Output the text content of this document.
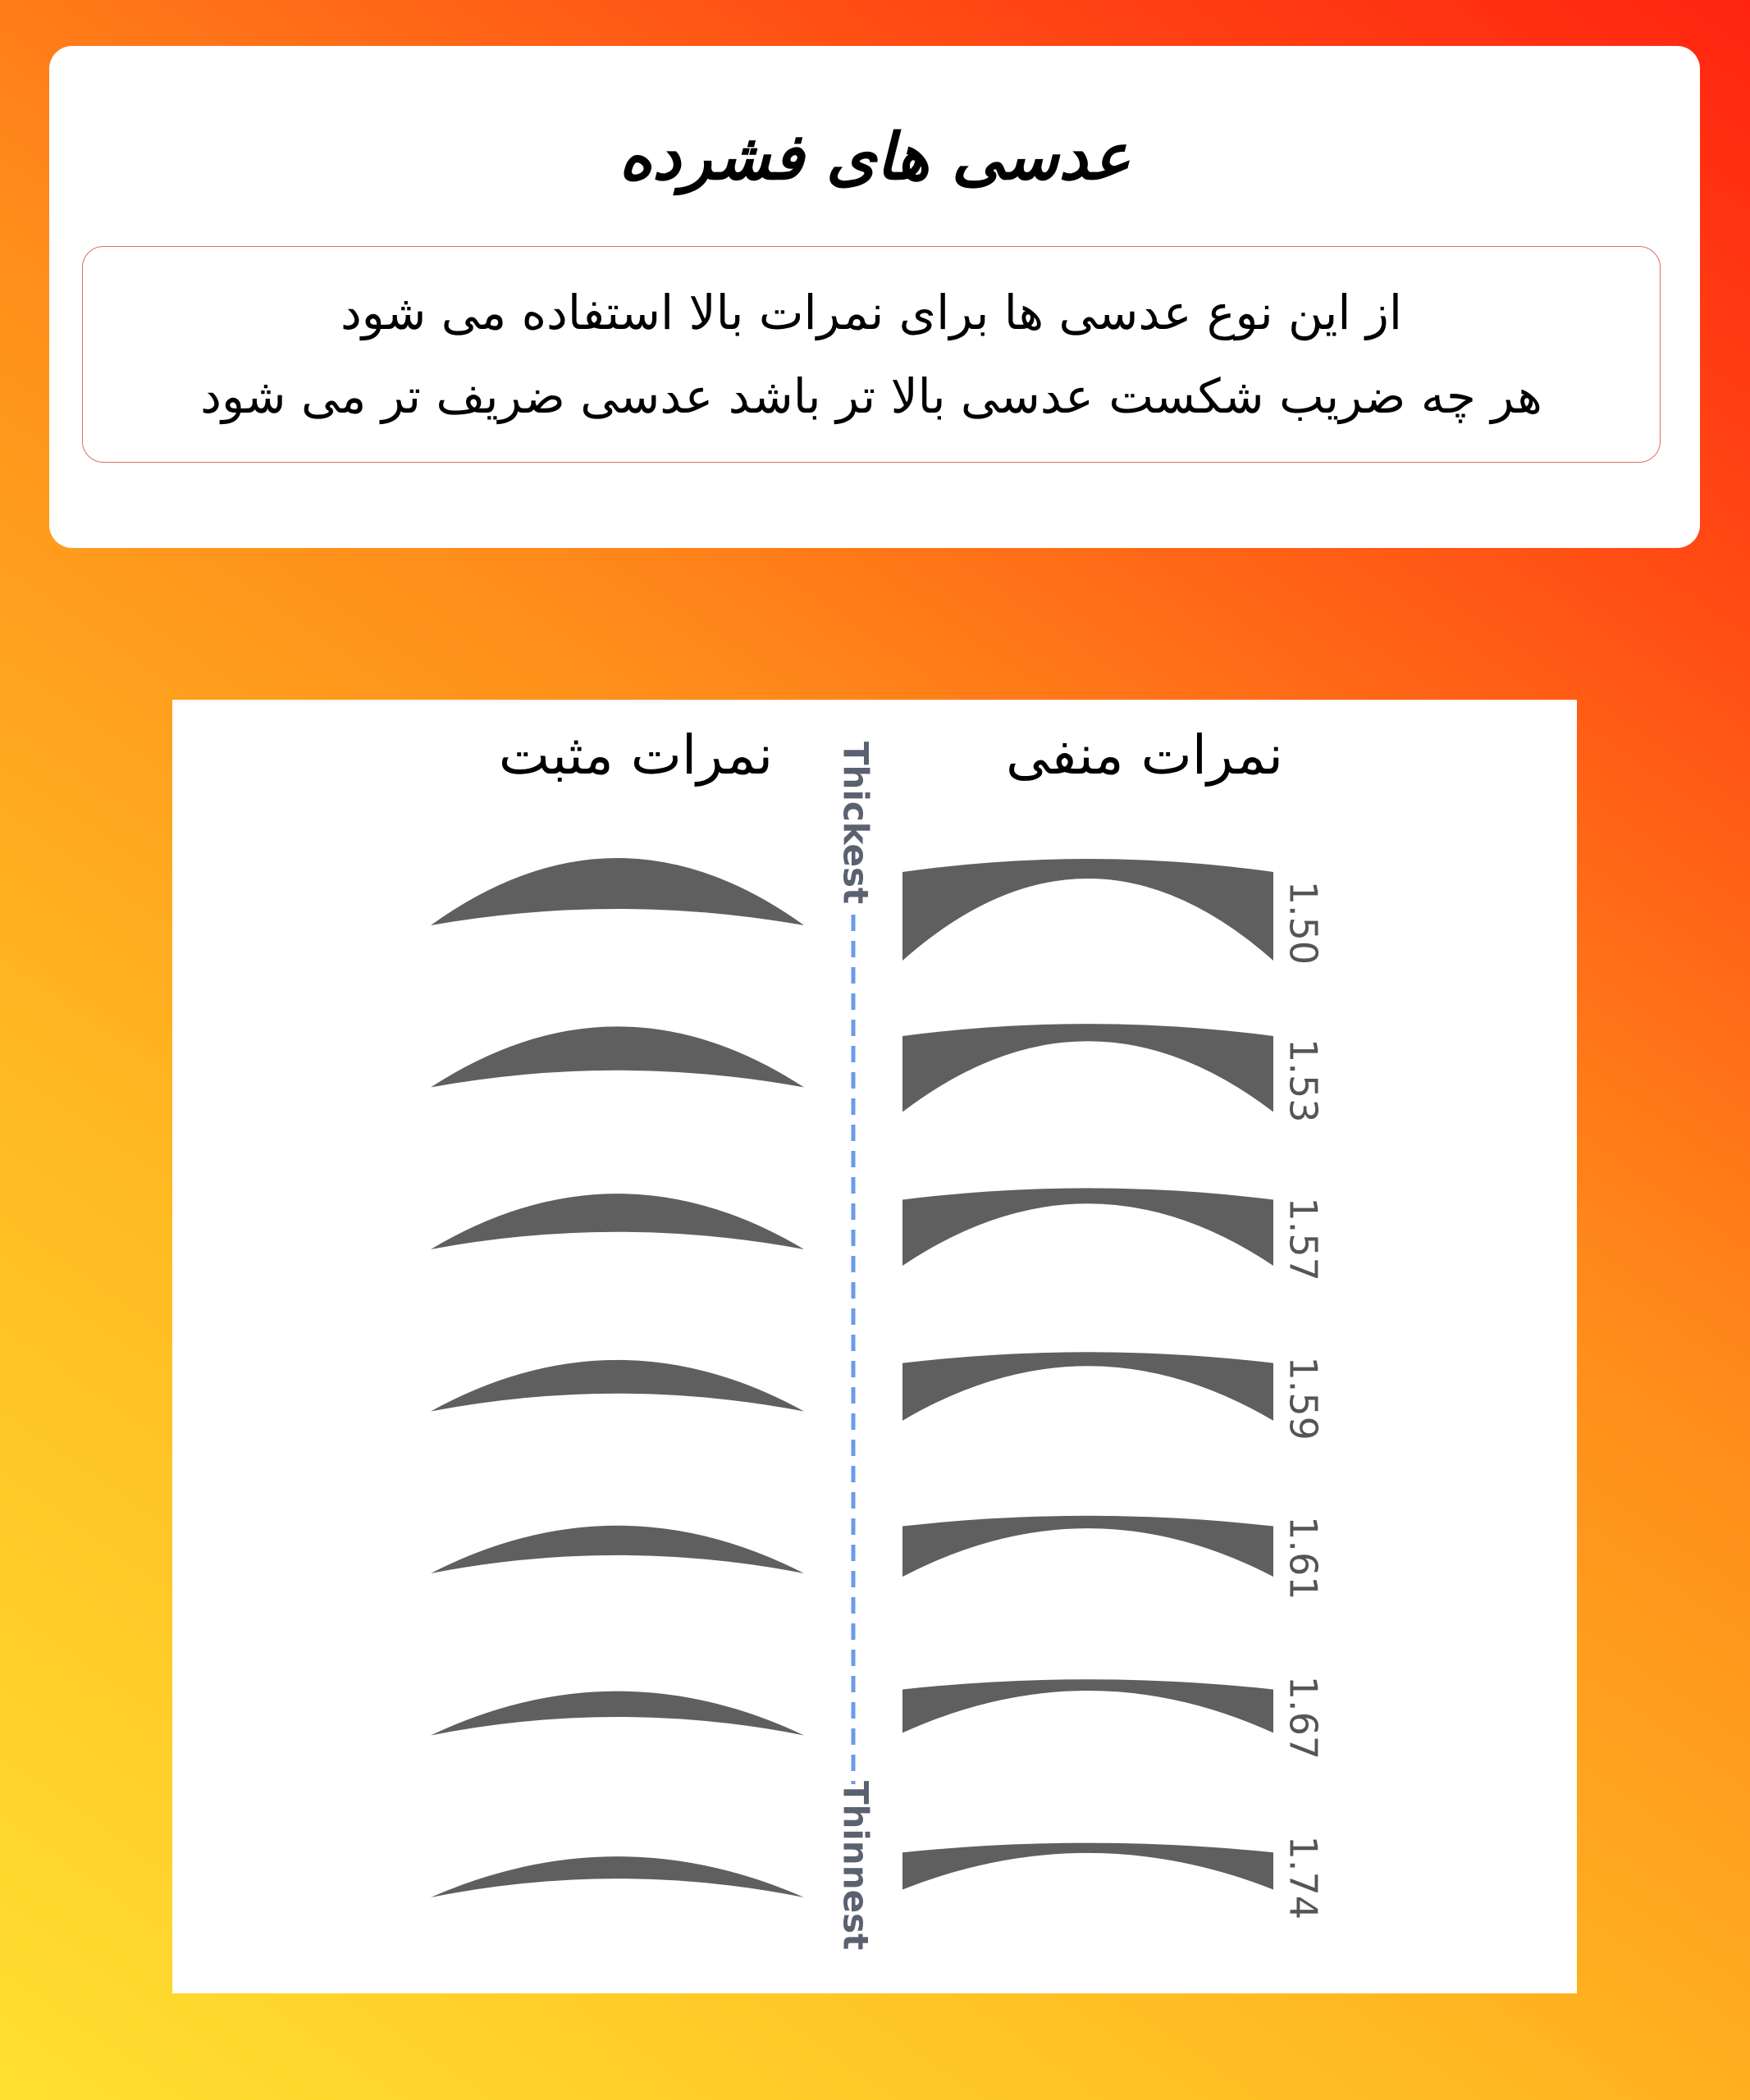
عدسی های فشرده
از این نوع عدسی ها برای نمرات بالا استفاده می شود
هر چه ضریب شکست عدسی بالا تر باشد عدسی ضریف تر می شود
نمرات منفی
نمرات مثبت	Thickest
Thinnest
1.50
1.53
1.57
1.59
1.61
1.67
1.74
